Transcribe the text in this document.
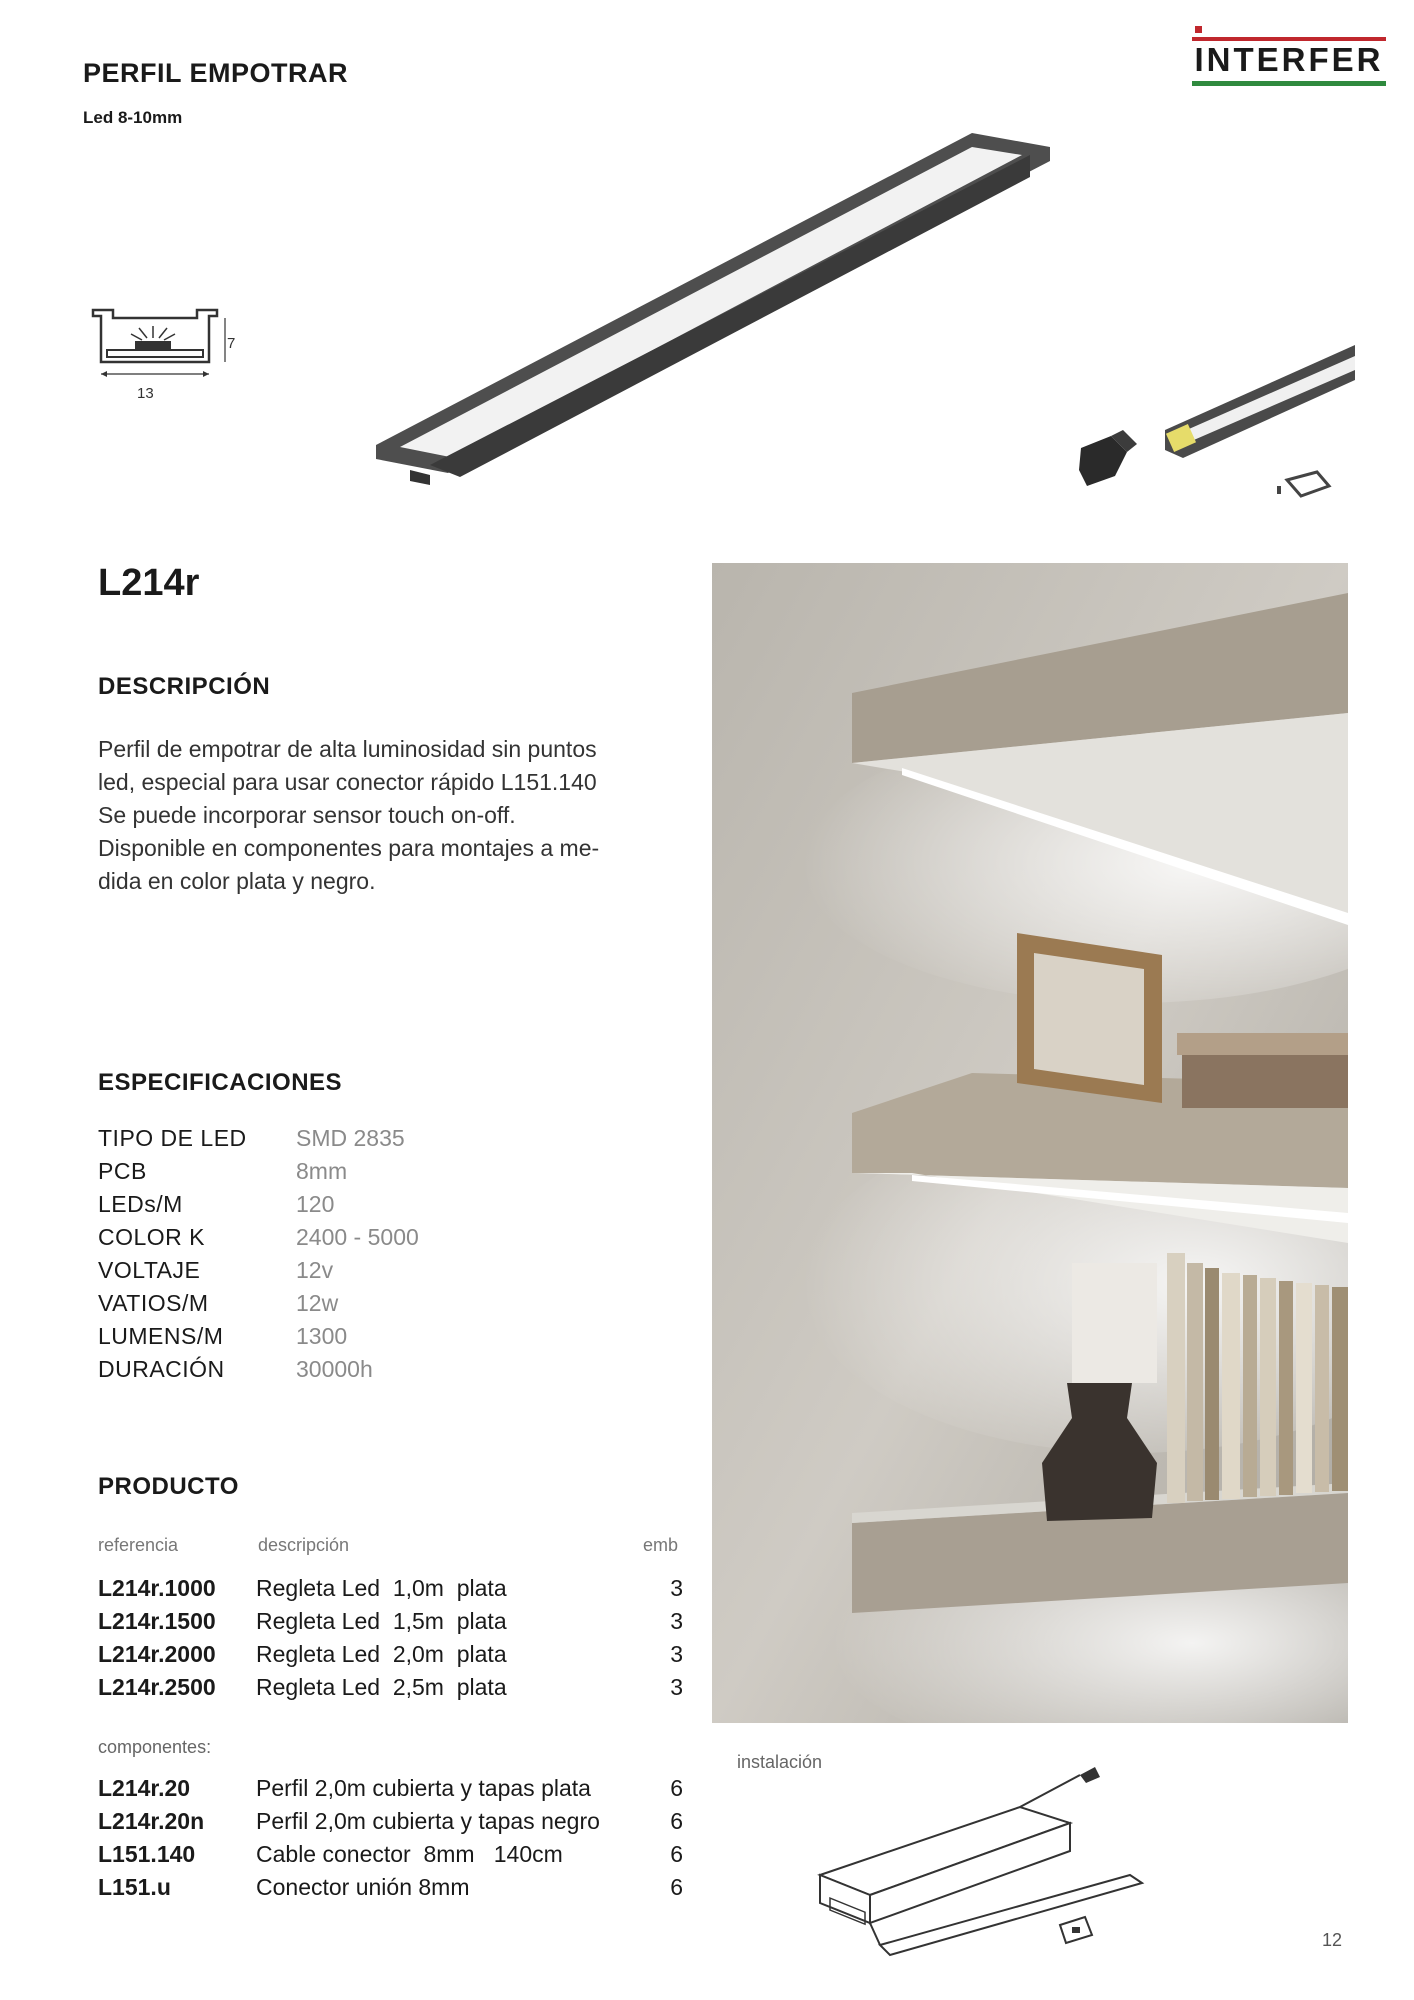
PERFIL EMPOTRAR
Led 8-10mm
INTERFER
7
13
L214r
DESCRIPCIÓN
Perfil de empotrar de alta luminosidad sin puntos
led, especial para usar conector rápido L151.140
Se puede incorporar sensor touch on-off.
Disponible en componentes para montajes a me-
dida en color plata y negro.
ESPECIFICACIONES
TIPO DE LED SMD 2835
PCB	8mm
LEDs/M	120
COLOR K	2400 - 5000
VOLTAJE	12v
VATIOS/M	12w
LUMENS/M	1300
DURACIÓN	30000h
PRODUCTO
referencia	descripción	emb
L214r.1000 Regleta Led  1,0m  plata	3
L214r.1500 Regleta Led  1,5m  plata	3
L214r.2000 Regleta Led  2,0m  plata	3
L214r.2500 Regleta Led  2,5m  plata	3
componentes:
L214r.20	Perfil 2,0m cubierta y tapas plata	6
L214r.20n Perfil 2,0m cubierta y tapas negro	6
L151.140	Cable conector  8mm   140cm	6
L151.u	Conector unión 8mm	6
instalación
12
